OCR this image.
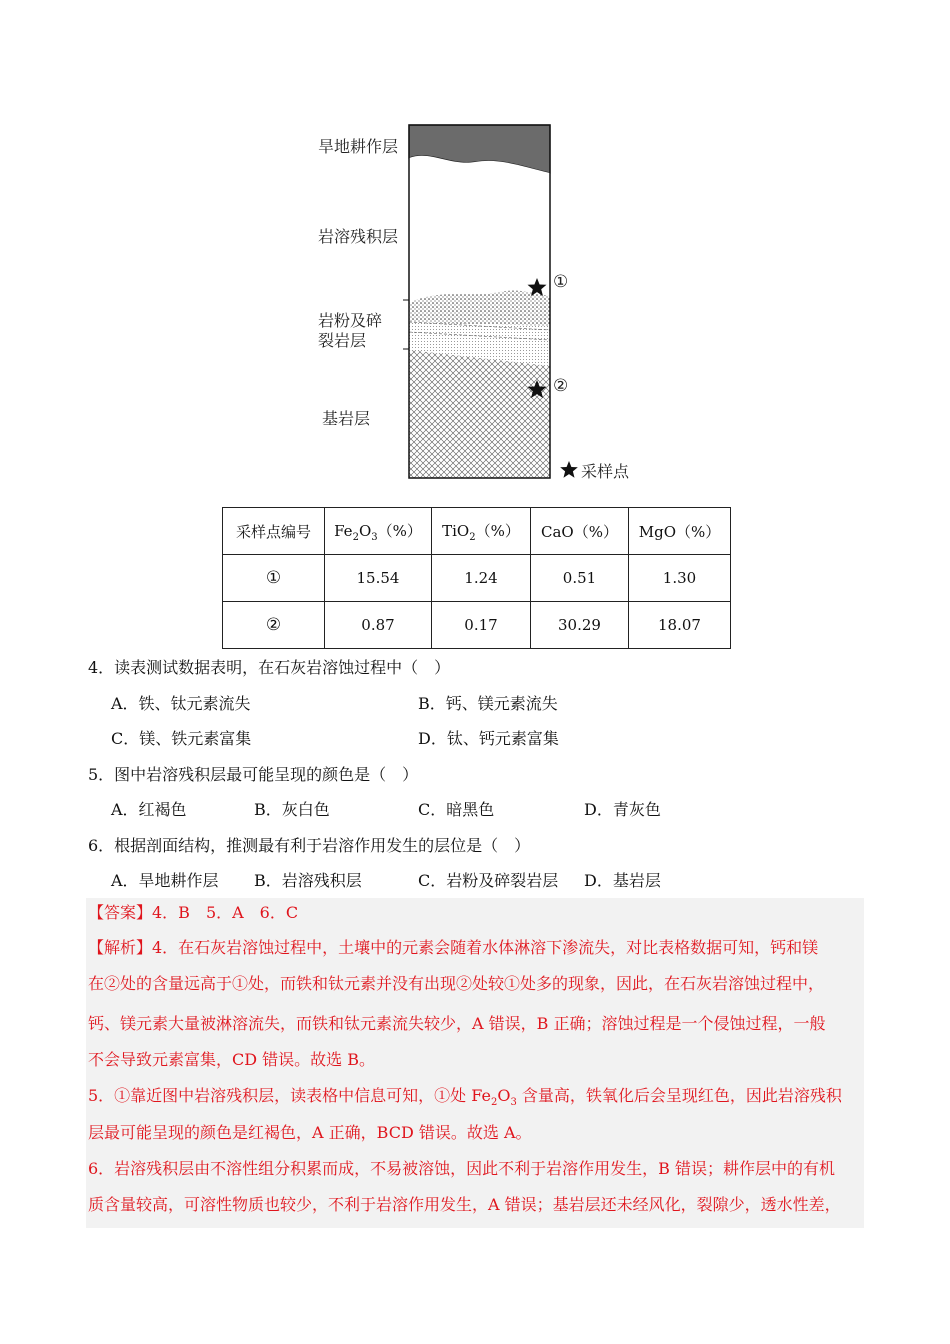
旱地耕作层
岩溶残积层
岩粉及碎
裂岩层
基岩层
①
②
采样点
采样点编号	$Fe_2O_3(\%)$	TiO$_2$（%）	CaO（%）	MgO（%）
①	15.54	1.24	0.51	1.30
②	0.87	0.17	30.29	18.07
4．读表测试数据表明，在石灰岩溶蚀过程中（　）
A．铁、钛元素流失	B．钙、镁元素流失
C．镁、铁元素富集	D．钛、钙元素富集
5．图中岩溶残积层最可能呈现的颜色是（　）
A．红褐色	B．灰白色	C．暗黑色	D．青灰色
6．根据剖面结构，推测最有利于岩溶作用发生的层位是（　）
A．旱地耕作层 B．岩溶残积层	C．岩粉及碎裂岩层 D．基岩层
【答案】4．B　5．A　6．C
【解析】4．在石灰岩溶蚀过程中，土壤中的元素会随着水体淋溶下渗流失，对比表格数据可知，钙和镁
在②处的含量远高于①处，而铁和钛元素并没有出现②处较①处多的现象，因此，在石灰岩溶蚀过程中，
钙、镁元素大量被淋溶流失，而铁和钛元素流失较少，A 错误，B 正确；溶蚀过程是一个侵蚀过程，一般
不会导致元素富集，CD 错误。故选 B。
5．①靠近图中岩溶残积层，读表格中信息可知，①处 $Fe_2O_3$ 含量高，铁氧化后会呈现红色，因此岩溶残积
层最可能呈现的颜色是红褐色，A 正确，BCD 错误。故选 A。
6．岩溶残积层由不溶性组分积累而成，不易被溶蚀，因此不利于岩溶作用发生，B 错误；耕作层中的有机
质含量较高，可溶性物质也较少，不利于岩溶作用发生，A 错误；基岩层还未经风化，裂隙少，透水性差，
